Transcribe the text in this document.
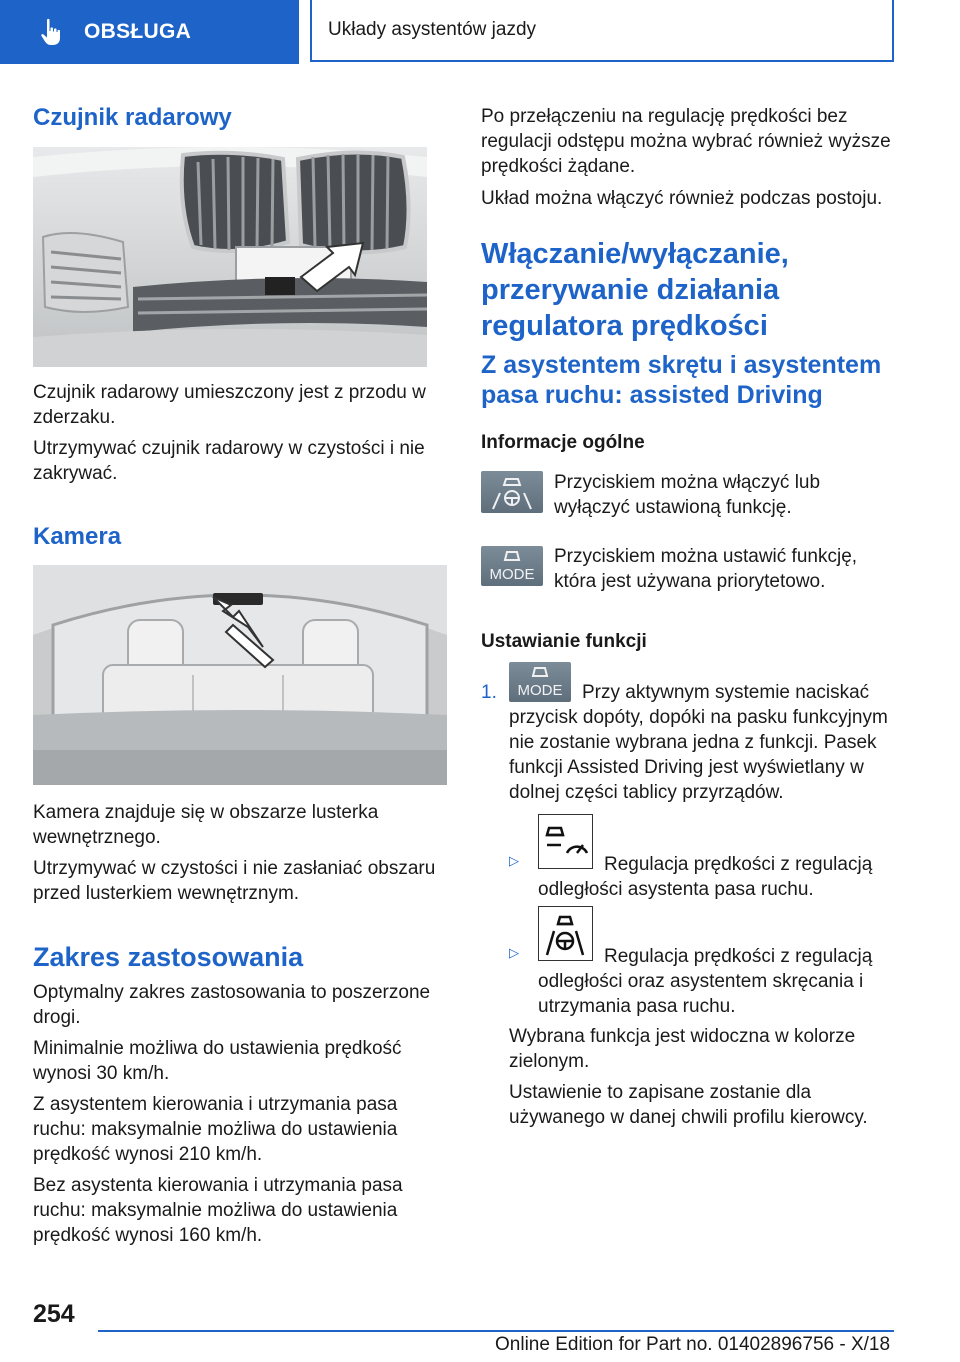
OBSŁUGA	Układy asystentów jazdy
Czujnik radarowy

Czujnik radarowy umieszczony jest z przodu w zderzaku.

Utrzymywać czujnik radarowy w czystości i nie zakrywać.

Kamera

Kamera znajduje się w obszarze lusterka wewnętrznego.

Utrzymywać w czystości i nie zasłaniać obszaru przed lusterkiem wewnętrznym.

Zakres zastosowania

Optymalny zakres zastosowania to poszerzone drogi.

Minimalnie możliwa do ustawienia prędkość wynosi 30 km/h.

Z asystentem kierowania i utrzymania pasa ruchu: maksymalnie możliwa do ustawienia prędkość wynosi 210 km/h.

Bez asystenta kierowania i utrzymania pasa ruchu: maksymalnie możliwa do ustawienia prędkość wynosi 160 km/h.

Po przełączeniu na regulację prędkości bez regulacji odstępu można wybrać również wyższe prędkości żądane.

Układ można włączyć również podczas postoju.

Włączanie/wyłączanie, przerywanie działania regulatora prędkości
Z asystentem skrętu i asystentem pasa ruchu: assisted Driving
Informacje ogólne

Przyciskiem można włączyć lub wyłączyć ustawioną funkcję.

MODE

Przyciskiem można ustawić funkcję, która jest używana priorytetowo.

Ustawianie funkcji
1.	MODE	Przy aktywnym systemie naciskać przycisk dopóty, dopóki na pasku funkcyjnym nie zostanie wybrana jedna z funkcji. Pasek funkcji Assisted Driving jest wyświetlany w dolnej części tablicy przyrządów.

▷	Regulacja prędkości z regulacją odległości asystenta pasa ruchu.

▷	Regulacja prędkości z regulacją odległości oraz asystentem skręcania i utrzymania pasa ruchu.

Wybrana funkcja jest widoczna w kolorze zielonym.

Ustawienie to zapisane zostanie dla używanego w danej chwili profilu kierowcy.

254
Online Edition for Part no. 01402896756 - X/18
